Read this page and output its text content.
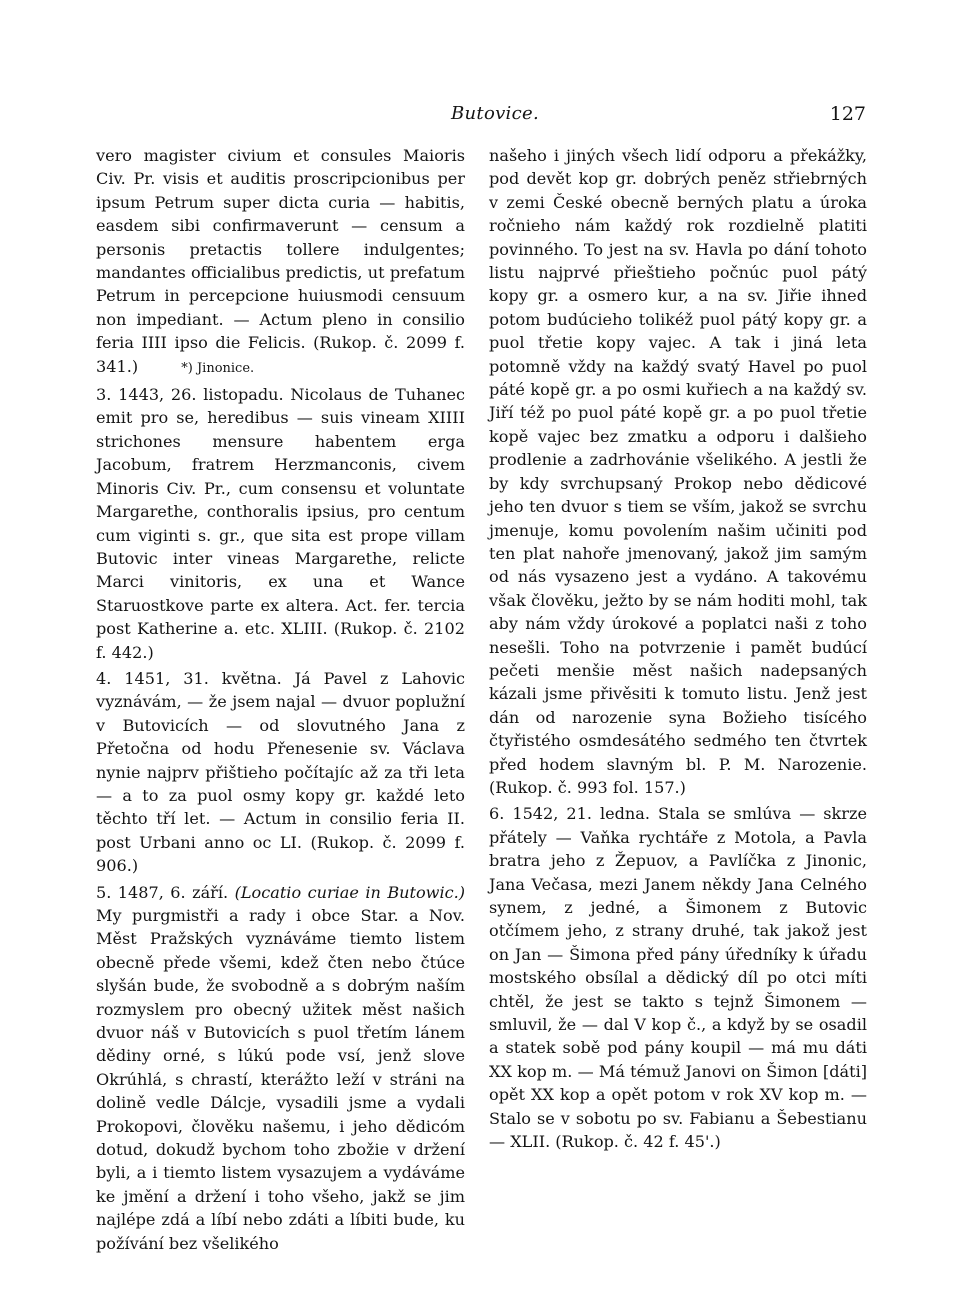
Butovice.	127

vero magister civium et consules Maioris Civ. Pr. visis et auditis proscripcionibus per ipsum Petrum super dicta curia — habitis, easdem sibi confirmaverunt — censum a personis pretactis tollere indulgentes; mandantes officialibus predictis, ut prefatum Petrum in percepcione huiusmodi censuum non impediant. — Actum pleno in consilio feria IIII ipso die Felicis. (Rukop. č. 2099 f. 341.)	*) Jinonice.

3. 1443, 26. listopadu. Nicolaus de Tuhanec emit pro se, heredibus — suis vineam XIIII strichones mensure habentem erga Jacobum, fratrem Herzmanconis, civem Minoris Civ. Pr., cum consensu et voluntate Margarethe, conthoralis ipsius, pro centum cum viginti s. gr., que sita est prope villam Butovic inter vineas Margarethe, relicte Marci vinitoris, ex una et Wance Staruostkove parte ex altera. Act. fer. tercia post Katherine a. etc. XLIII. (Rukop. č. 2102 f. 442.)

4. 1451, 31. května. Já Pavel z Lahovic vyznávám, — že jsem najal — dvuor poplužní v Butovicích — od slovutného Jana z Přetočna od hodu Přenesenie sv. Václava nynie najprv přištieho počítajíc až za tři leta — a to za puol osmy kopy gr. každé leto těchto tří let. — Actum in consilio feria II. post Urbani anno oc LI. (Rukop. č. 2099 f. 906.)

5. 1487, 6. září. (Locatio curiae in Butowic.) My purgmistři a rady i obce Star. a Nov. Měst Pražských vyznáváme tiemto listem obecně přede všemi, kdež čten nebo čtúce slyšán bude, že svobodně a s dobrým naším rozmyslem pro obecný užitek měst našich dvuor náš v Butovicích s puol třetím lánem dědiny orné, s lúkú pode vsí, jenž slove Okrúhlá, s chrastí, kterážto leží v stráni na dolině vedle Dálcje, vysadili jsme a vydali Prokopovi, člověku našemu, i jeho dědicóm dotud, dokudž bychom toho zbožie v držení byli, a i tiemto listem vysazujem a vydáváme ke jmění a držení i toho všeho, jakž se jim najlépe zdá a líbí nebo zdáti a líbiti bude, ku požívání bez všelikého

našeho i jiných všech lidí odporu a překážky, pod devět kop gr. dobrých peněz střiebrných v zemi České obecně berných platu a úroka ročnieho nám každý rok rozdielně platiti povinného. To jest na sv. Havla po dání tohoto listu najprvé přieštieho počnúc puol pátý kopy gr. a osmero kur, a na sv. Jiřie ihned potom budúcieho tolikéž puol pátý kopy gr. a puol třetie kopy vajec. A tak i jiná leta potomně vždy na každý svatý Havel po puol páté kopě gr. a po osmi kuřiech a na každý sv. Jiří též po puol páté kopě gr. a po puol třetie kopě vajec bez zmatku a odporu i dalšieho prodlenie a zadrhovánie všelikého. A jestli že by kdy svrchupsaný Prokop nebo dědicové jeho ten dvuor s tiem se vším, jakož se svrchu jmenuje, komu povolením našim učiniti pod ten plat nahoře jmenovaný, jakož jim samým od nás vysazeno jest a vydáno. A takovému však člověku, ježto by se nám hoditi mohl, tak aby nám vždy úrokové a poplatci naši z toho nesešli. Toho na potvrzenie i pamět budúcí pečeti menšie měst našich nadepsaných kázali jsme přivěsiti k tomuto listu. Jenž jest dán od narozenie syna Božieho tisícého čtyřistého osmdesátého sedmého ten čtvrtek před hodem slavným bl. P. M. Narozenie. (Rukop. č. 993 fol. 157.)

6. 1542, 21. ledna. Stala se smlúva — skrze přátely — Vaňka rychtáře z Motola, a Pavla bratra jeho z Žepuov, a Pavlíčka z Jinonic, Jana Večasa, mezi Janem někdy Jana Celného synem, z jedné, a Šimonem z Butovic otčímem jeho, z strany druhé, tak jakož jest on Jan — Šimona před pány úředníky k úřadu mostského obsílal a dědický díl po otci míti chtěl, že jest se takto s tejnž Šimonem — smluvil, že — dal V kop č., a když by se osadil a statek sobě pod pány koupil — má mu dáti XX kop m. — Má témuž Janovi on Šimon [dáti] opět XX kop a opět potom v rok XV kop m. — Stalo se v sobotu po sv. Fabianu a Šebestianu — XLII. (Rukop. č. 42 f. 45'.)
